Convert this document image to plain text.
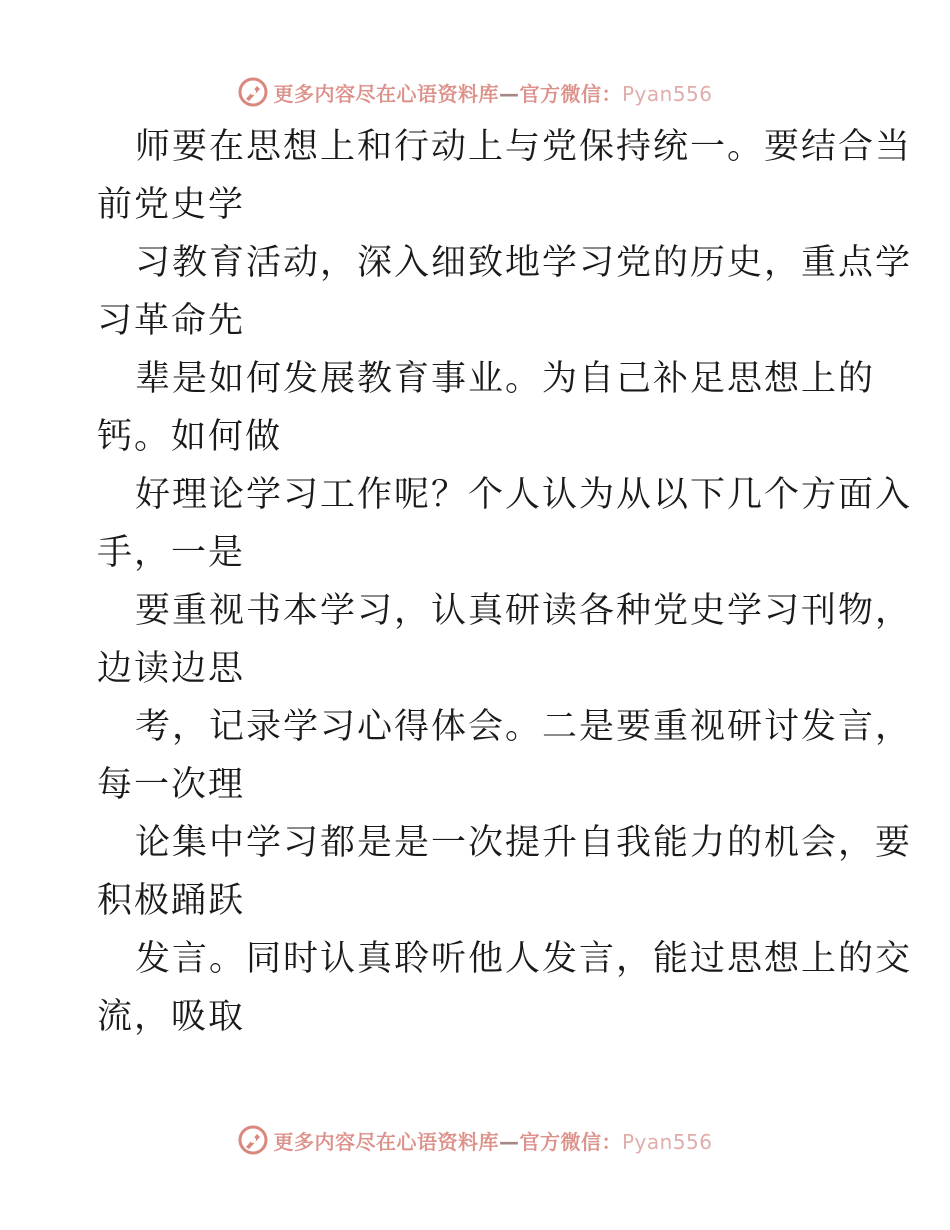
更多内容尽在心语资料库—官方微信：Pyan556
师要在思想上和行动上与党保持统一。要结合当
前党史学
习教育活动，深入细致地学习党的历史，重点学
习革命先
辈是如何发展教育事业。为自己补足思想上的
钙。如何做
好理论学习工作呢？个人认为从以下几个方面入
手，一是
要重视书本学习，认真研读各种党史学习刊物，
边读边思
考，记录学习心得体会。二是要重视研讨发言，
每一次理
论集中学习都是是一次提升自我能力的机会，要
积极踊跃
发言。同时认真聆听他人发言，能过思想上的交
流，吸取
更多内容尽在心语资料库—官方微信：Pyan556
